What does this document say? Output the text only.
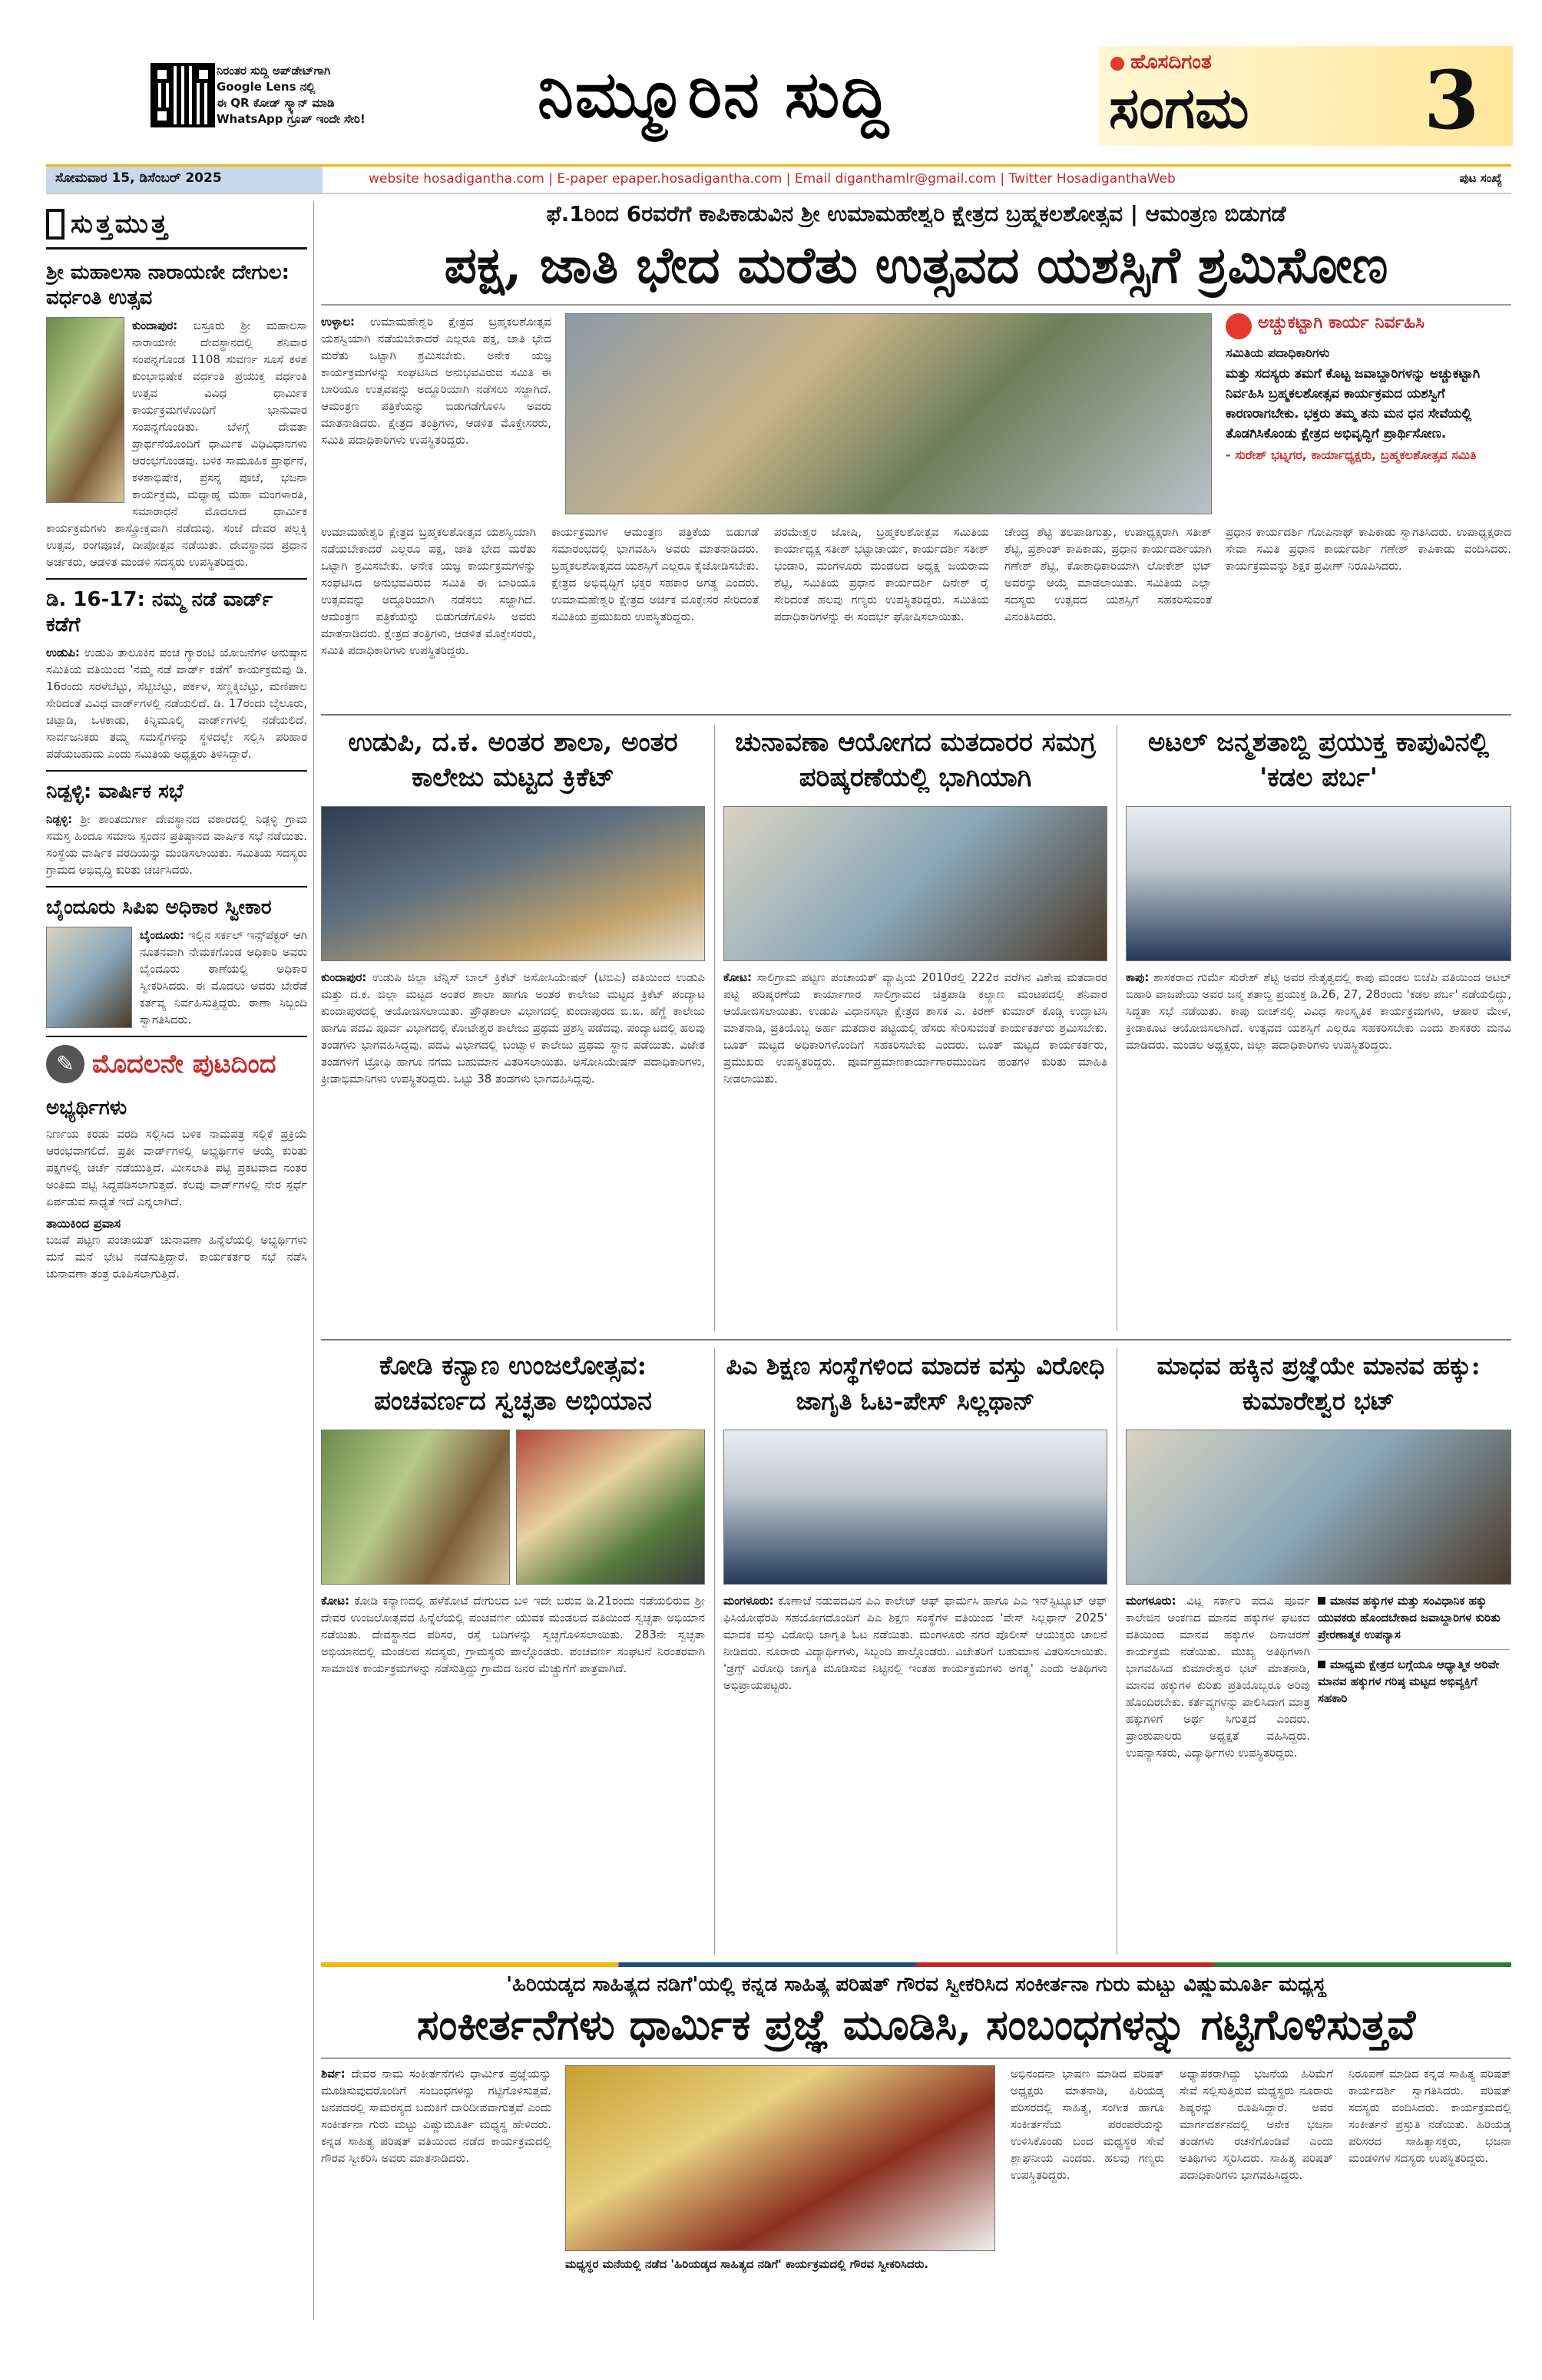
ನಿರಂತರ ಸುದ್ದಿ ಅಪ್‌ಡೇಟ್‌ಗಾಗಿ
Google Lens ನಲ್ಲಿ
ಈ QR ಕೋಡ್ ಸ್ಕ್ಯಾನ್ ಮಾಡಿ
WhatsApp ಗ್ರೂಪ್ ಇಂದೇ ಸೇರಿ!	ನಿಮ್ಮೂರಿನ ಸುದ್ದಿ	ಹೊಸದಿಗಂತ
ಸಂಗಮ 3
ಸೋಮವಾರ 15, ಡಿಸೆಂಬರ್ 2025	website hosadigantha.com | E-paper epaper.hosadigantha.com | Email diganthamlr@gmail.com | Twitter HosadiganthaWeb	ಪುಟ ಸಂಖ್ಯೆ
ಸುತ್ತಮುತ್ತ
ಶ್ರೀ ಮಹಾಲಸಾ ನಾರಾಯಣೀ ದೇಗುಲ: ವರ್ಧಂತಿ ಉತ್ಸವ
ಕುಂದಾಪುರ: ಬಸ್ರೂರು ಶ್ರೀ ಮಹಾಲಸಾ ನಾರಾಯಣೀ ದೇವಸ್ಥಾನದಲ್ಲಿ ಶನಿವಾರ ಸಂಪನ್ನಗೊಂಡ 1108 ಸುವರ್ಣ ಸೂಸೆ ಕಳಶ ಕುಂಭಾಭಿಷೇಕ ವರ್ಧಂತಿ ಪ್ರಯುಕ್ತ ವರ್ಧಂತಿ ಉತ್ಸವ ವಿವಿಧ ಧಾರ್ಮಿಕ ಕಾರ್ಯಕ್ರಮಗಳೊಂದಿಗೆ ಭಾನುವಾರ ಸಂಪನ್ನಗೊಂಡಿತು. ಬೆಳಗ್ಗೆ ದೇವತಾ ಪ್ರಾರ್ಥನೆಯೊಂದಿಗೆ ಧಾರ್ಮಿಕ ವಿಧಿವಿಧಾನಗಳು ಆರಂಭಗೊಂಡವು. ಬಳಿಕ ಸಾಮೂಹಿಕ ಪ್ರಾರ್ಥನೆ, ಕಳಶಾಭಿಷೇಕ, ಪ್ರಸನ್ನ ಪೂಜೆ, ಭಜನಾ ಕಾರ್ಯಕ್ರಮ, ಮಧ್ಯಾಹ್ನ ಮಹಾ ಮಂಗಳಾರತಿ, ಸಮಾರಾಧನೆ ಮೊದಲಾದ ಧಾರ್ಮಿಕ ಕಾರ್ಯಕ್ರಮಗಳು ಶಾಸ್ತ್ರೋಕ್ತವಾಗಿ ನಡೆದುವು. ಸಂಜೆ ದೇವರ ಪಲ್ಲಕ್ಕಿ ಉತ್ಸವ, ರಂಗಪೂಜೆ, ದೀಪೋತ್ಸವ ನಡೆಯಿತು. ದೇವಸ್ಥಾನದ ಪ್ರಧಾನ ಅರ್ಚಕರು, ಆಡಳಿತ ಮಂಡಳಿ ಸದಸ್ಯರು ಉಪಸ್ಥಿತರಿದ್ದರು.
ಡಿ. 16-17: ನಮ್ಮ ನಡೆ ವಾರ್ಡ್ ಕಡೆಗೆ
ಉಡುಪಿ: ಉಡುಪಿ ತಾಲೂಕಿನ ಪಂಚ ಗ್ಯಾರಂಟಿ ಯೋಜನೆಗಳ ಅನುಷ್ಠಾನ ಸಮಿತಿಯ ವತಿಯಿಂದ 'ನಮ್ಮ ನಡೆ ವಾರ್ಡ್ ಕಡೆಗೆ' ಕಾರ್ಯಕ್ರಮವು ಡಿ. 16ರಂದು ಸರಳೆಬೆಟ್ಟು, ಸೆಟ್ಟಿಬೆಟ್ಟು, ಪರ್ಕಳ, ಸಣ್ಣಕ್ಕಿಬೆಟ್ಟು, ಮಣಿಪಾಲ ಸೇರಿದಂತೆ ವಿವಿಧ ವಾರ್ಡ್‌ಗಳಲ್ಲಿ ನಡೆಯಲಿದೆ. ಡಿ. 17ರಂದು ಬೈಲೂರು, ಚಿಟ್ಪಾಡಿ, ಒಳಕಾಡು, ಕಿನ್ನಿಮೂಲ್ಕಿ ವಾರ್ಡ್‌ಗಳಲ್ಲಿ ನಡೆಯಲಿದೆ. ಸಾರ್ವಜನಿಕರು ತಮ್ಮ ಸಮಸ್ಯೆಗಳನ್ನು ಸ್ಥಳದಲ್ಲೇ ಸಲ್ಲಿಸಿ ಪರಿಹಾರ ಪಡೆಯಬಹುದು ಎಂದು ಸಮಿತಿಯ ಅಧ್ಯಕ್ಷರು ತಿಳಿಸಿದ್ದಾರೆ.
ನಿಡ್ಪಳ್ಳಿ: ವಾರ್ಷಿಕ ಸಭೆ
ನಿಡ್ಪಳ್ಳಿ: ಶ್ರೀ ಶಾಂತದುರ್ಗಾ ದೇವಸ್ಥಾನದ ವಠಾರದಲ್ಲಿ ನಿಡ್ಪಳ್ಳಿ ಗ್ರಾಮ ಸಮಸ್ತ ಹಿಂದೂ ಸಮಾಜ ಸ್ಪಂದನ ಪ್ರತಿಷ್ಠಾನದ ವಾರ್ಷಿಕ ಸಭೆ ನಡೆಯಿತು. ಸಂಸ್ಥೆಯ ವಾರ್ಷಿಕ ವರದಿಯನ್ನು ಮಂಡಿಸಲಾಯಿತು. ಸಮಿತಿಯ ಸದಸ್ಯರು ಗ್ರಾಮದ ಅಭಿವೃದ್ಧಿ ಕುರಿತು ಚರ್ಚಿಸಿದರು.
ಬೈಂದೂರು ಸಿಪಿಐ ಅಧಿಕಾರ ಸ್ವೀಕಾರ
ಬೈಂದೂರು: ಇಲ್ಲಿನ ಸರ್ಕಲ್ ಇನ್ಸ್‌ಪೆಕ್ಟರ್ ಆಗಿ ನೂತನವಾಗಿ ನೇಮಕಗೊಂಡ ಅಧಿಕಾರಿ ಅವರು ಬೈಂದೂರು ಠಾಣೆಯಲ್ಲಿ ಅಧಿಕಾರ ಸ್ವೀಕರಿಸಿದರು. ಈ ಮೊದಲು ಅವರು ಬೇರೆಡೆ ಕರ್ತವ್ಯ ನಿರ್ವಹಿಸುತ್ತಿದ್ದರು. ಠಾಣಾ ಸಿಬ್ಬಂದಿ ಸ್ವಾಗತಿಸಿದರು.
✎ ಮೊದಲನೇ ಪುಟದಿಂದ
ಅಭ್ಯರ್ಥಿಗಳು
ನಿರ್ಣಯ ಕರಡು ವರದಿ ಸಲ್ಲಿಸಿದ ಬಳಿಕ ನಾಮಪತ್ರ ಸಲ್ಲಿಕೆ ಪ್ರಕ್ರಿಯೆ ಆರಂಭವಾಗಲಿದೆ. ಪ್ರತೀ ವಾರ್ಡ್‌ಗಳಲ್ಲಿ ಅಭ್ಯರ್ಥಿಗಳ ಆಯ್ಕೆ ಕುರಿತು ಪಕ್ಷಗಳಲ್ಲಿ ಚರ್ಚೆ ನಡೆಯುತ್ತಿದೆ. ಮೀಸಲಾತಿ ಪಟ್ಟಿ ಪ್ರಕಟವಾದ ನಂತರ ಅಂತಿಮ ಪಟ್ಟಿ ಸಿದ್ಧಪಡಿಸಲಾಗುತ್ತದೆ. ಕೆಲವು ವಾರ್ಡ್‌ಗಳಲ್ಲಿ ನೇರ ಸ್ಪರ್ಧೆ ಏರ್ಪಡುವ ಸಾಧ್ಯತೆ ಇದೆ ಎನ್ನಲಾಗಿದೆ.
ತಾಯಿಕಿಂದ ಪ್ರವಾಸ
ಬಜಪೆ ಪಟ್ಟಣ ಪಂಚಾಯತ್ ಚುನಾವಣಾ ಹಿನ್ನೆಲೆಯಲ್ಲಿ ಅಭ್ಯರ್ಥಿಗಳು ಮನೆ ಮನೆ ಭೇಟಿ ನಡೆಸುತ್ತಿದ್ದಾರೆ. ಕಾರ್ಯಕರ್ತರ ಸಭೆ ನಡೆಸಿ ಚುನಾವಣಾ ತಂತ್ರ ರೂಪಿಸಲಾಗುತ್ತಿದೆ.
ಫೆ.1ರಿಂದ 6ರವರೆಗೆ ಕಾಪಿಕಾಡುವಿನ ಶ್ರೀ ಉಮಾಮಹೇಶ್ವರಿ ಕ್ಷೇತ್ರದ ಬ್ರಹ್ಮಕಲಶೋತ್ಸವ | ಆಮಂತ್ರಣ ಬಿಡುಗಡೆ
ಪಕ್ಷ, ಜಾತಿ ಭೇದ ಮರೆತು ಉತ್ಸವದ ಯಶಸ್ಸಿಗೆ ಶ್ರಮಿಸೋಣ
ಉಳ್ಳಾಲ: ಉಮಾಮಹೇಶ್ವರಿ ಕ್ಷೇತ್ರದ ಬ್ರಹ್ಮಕಲಶೋತ್ಸವ ಯಶಸ್ವಿಯಾಗಿ ನಡೆಯಬೇಕಾದರೆ ಎಲ್ಲರೂ ಪಕ್ಷ, ಜಾತಿ ಭೇದ ಮರೆತು ಒಟ್ಟಾಗಿ ಶ್ರಮಿಸಬೇಕು. ಅನೇಕ ಯಜ್ಞ ಕಾರ್ಯಕ್ರಮಗಳನ್ನು ಸಂಘಟಿಸಿದ ಅನುಭವವಿರುವ ಸಮಿತಿ ಈ ಬಾರಿಯೂ ಉತ್ಸವವನ್ನು ಅದ್ದೂರಿಯಾಗಿ ನಡೆಸಲು ಸಜ್ಜಾಗಿದೆ. ಆಮಂತ್ರಣ ಪತ್ರಿಕೆಯನ್ನು ಬಿಡುಗಡೆಗೊಳಿಸಿ ಅವರು ಮಾತನಾಡಿದರು. ಕ್ಷೇತ್ರದ ತಂತ್ರಿಗಳು, ಆಡಳಿತ ಮೊಕ್ತೇಸರರು, ಸಮಿತಿ ಪದಾಧಿಕಾರಿಗಳು ಉಪಸ್ಥಿತರಿದ್ದರು.
ಉಮಾಮಹೇಶ್ವರಿ ಕ್ಷೇತ್ರದ ಬ್ರಹ್ಮಕಲಶೋತ್ಸವ ಯಶಸ್ವಿಯಾಗಿ ನಡೆಯಬೇಕಾದರೆ ಎಲ್ಲರೂ ಪಕ್ಷ, ಜಾತಿ ಭೇದ ಮರೆತು ಒಟ್ಟಾಗಿ ಶ್ರಮಿಸಬೇಕು. ಅನೇಕ ಯಜ್ಞ ಕಾರ್ಯಕ್ರಮಗಳನ್ನು ಸಂಘಟಿಸಿದ ಅನುಭವವಿರುವ ಸಮಿತಿ ಈ ಬಾರಿಯೂ ಉತ್ಸವವನ್ನು ಅದ್ದೂರಿಯಾಗಿ ನಡೆಸಲು ಸಜ್ಜಾಗಿದೆ. ಆಮಂತ್ರಣ ಪತ್ರಿಕೆಯನ್ನು ಬಿಡುಗಡೆಗೊಳಿಸಿ ಅವರು ಮಾತನಾಡಿದರು. ಕ್ಷೇತ್ರದ ತಂತ್ರಿಗಳು, ಆಡಳಿತ ಮೊಕ್ತೇಸರರು, ಸಮಿತಿ ಪದಾಧಿಕಾರಿಗಳು ಉಪಸ್ಥಿತರಿದ್ದರು.
ಕಾರ್ಯಕ್ರಮಗಳ ಆಮಂತ್ರಣ ಪತ್ರಿಕೆಯ ಬಿಡುಗಡೆ ಸಮಾರಂಭದಲ್ಲಿ ಭಾಗವಹಿಸಿ ಅವರು ಮಾತನಾಡಿದರು. ಬ್ರಹ್ಮಕಲಶೋತ್ಸವದ ಯಶಸ್ಸಿಗೆ ಎಲ್ಲರೂ ಕೈಜೋಡಿಸಬೇಕು. ಕ್ಷೇತ್ರದ ಅಭಿವೃದ್ಧಿಗೆ ಭಕ್ತರ ಸಹಕಾರ ಅಗತ್ಯ ಎಂದರು. ಉಮಾಮಹೇಶ್ವರಿ ಕ್ಷೇತ್ರದ ಅರ್ಚಕ ಮೊಕ್ತೇಸರ ಸೇರಿದಂತೆ ಸಮಿತಿಯ ಪ್ರಮುಖರು ಉಪಸ್ಥಿತರಿದ್ದರು.
ಪರಮೇಶ್ವರ ಜೋಷಿ, ಬ್ರಹ್ಮಕಲಶೋತ್ಸವ ಸಮಿತಿಯ ಕಾರ್ಯಾಧ್ಯಕ್ಷ ಸತೀಶ್ ಭಟ್ಟಾಚಾರ್ಯ, ಕಾರ್ಯದರ್ಶಿ ಸತೀಶ್ ಭಂಡಾರಿ, ಮಂಗಳೂರು ಮಂಡಲದ ಅಧ್ಯಕ್ಷ ಜಯರಾಮ ಶೆಟ್ಟಿ, ಸಮಿತಿಯ ಪ್ರಧಾನ ಕಾರ್ಯದರ್ಶಿ ದಿನೇಶ್ ರೈ ಸೇರಿದಂತೆ ಹಲವು ಗಣ್ಯರು ಉಪಸ್ಥಿತರಿದ್ದರು. ಸಮಿತಿಯ ಪದಾಧಿಕಾರಿಗಳನ್ನು ಈ ಸಂದರ್ಭ ಘೋಷಿಸಲಾಯಿತು.
ಚೇಂದ್ರ ಶೆಟ್ಟಿ ತಲಪಾಡಿಗುತ್ತು, ಉಪಾಧ್ಯಕ್ಷರಾಗಿ ಸತೀಶ್ ಶೆಟ್ಟಿ, ಪ್ರಶಾಂತ್ ಕಾಪಿಕಾಡು, ಪ್ರಧಾನ ಕಾರ್ಯದರ್ಶಿಯಾಗಿ ಗಣೇಶ್ ಶೆಟ್ಟಿ, ಕೋಶಾಧಿಕಾರಿಯಾಗಿ ಲೋಕೇಶ್ ಭಟ್ ಅವರನ್ನು ಆಯ್ಕೆ ಮಾಡಲಾಯಿತು. ಸಮಿತಿಯ ಎಲ್ಲಾ ಸದಸ್ಯರು ಉತ್ಸವದ ಯಶಸ್ಸಿಗೆ ಸಹಕರಿಸುವಂತೆ ವಿನಂತಿಸಿದರು.
ಅಚ್ಚುಕಟ್ಟಾಗಿ ಕಾರ್ಯ ನಿರ್ವಹಿಸಿ
ಸಮಿತಿಯ ಪದಾಧಿಕಾರಿಗಳು
ಮತ್ತು ಸದಸ್ಯರು ತಮಗೆ ಕೊಟ್ಟ ಜವಾಬ್ದಾರಿಗಳನ್ನು ಅಚ್ಚುಕಟ್ಟಾಗಿ ನಿರ್ವಹಿಸಿ ಬ್ರಹ್ಮಕಲಶೋತ್ಸವ ಕಾರ್ಯಕ್ರಮದ ಯಶಸ್ವಿಗೆ ಕಾರಣರಾಗಬೇಕು. ಭಕ್ತರು ತಮ್ಮ ತನು ಮನ ಧನ ಸೇವೆಯಲ್ಲಿ ತೊಡಗಿಸಿಕೊಂಡು ಕ್ಷೇತ್ರದ ಅಭಿವೃದ್ಧಿಗೆ ಪ್ರಾರ್ಥಿಸೋಣ.
- ಸುರೇಶ್ ಭಟ್ನಗರ, ಕಾರ್ಯಾಧ್ಯಕ್ಷರು, ಬ್ರಹ್ಮಕಲಶೋತ್ಸವ ಸಮಿತಿ
ಪ್ರಧಾನ ಕಾರ್ಯದರ್ಶಿ ಗೋಪಿನಾಥ್ ಕಾಪಿಕಾಡು ಸ್ವಾಗತಿಸಿದರು. ಉಪಾಧ್ಯಕ್ಷರಾದ ಸೇವಾ ಸಮಿತಿ ಪ್ರಧಾನ ಕಾರ್ಯದರ್ಶಿ ಗಣೇಶ್ ಕಾಪಿಕಾಡು ವಂದಿಸಿದರು. ಕಾರ್ಯಕ್ರಮವನ್ನು ಶಿಕ್ಷಕ ಪ್ರವೀಣ್ ನಿರೂಪಿಸಿದರು.
ಉಡುಪಿ, ದ.ಕ. ಅಂತರ ಶಾಲಾ, ಅಂತರ ಕಾಲೇಜು ಮಟ್ಟದ ಕ್ರಿಕೆಟ್
ಕುಂದಾಪುರ: ಉಡುಪಿ ಜಿಲ್ಲಾ ಟೆನ್ನಿಸ್ ಬಾಲ್ ಕ್ರಿಕೆಟ್ ಅಸೋಸಿಯೇಷನ್ (ಟಿಬಿಎ) ವತಿಯಿಂದ ಉಡುಪಿ ಮತ್ತು ದ.ಕ. ಜಿಲ್ಲಾ ಮಟ್ಟದ ಅಂತರ ಶಾಲಾ ಹಾಗೂ ಅಂತರ ಕಾಲೇಜು ಮಟ್ಟದ ಕ್ರಿಕೆಟ್ ಪಂದ್ಯಾಟ ಕುಂದಾಪುರದಲ್ಲಿ ಆಯೋಜಿಸಲಾಯಿತು. ಪ್ರೌಢಶಾಲಾ ವಿಭಾಗದಲ್ಲಿ ಕುಂದಾಪುರದ ಬಿ.ಬಿ. ಹೆಗ್ಡೆ ಕಾಲೇಜು ಹಾಗೂ ಪದವಿ ಪೂರ್ವ ವಿಭಾಗದಲ್ಲಿ ಕೋಟೇಶ್ವರ ಕಾಲೇಜು ಪ್ರಥಮ ಪ್ರಶಸ್ತಿ ಪಡೆದವು. ಪಂದ್ಯಾಟದಲ್ಲಿ ಹಲವು ತಂಡಗಳು ಭಾಗವಹಿಸಿದ್ದವು. ಪದವಿ ವಿಭಾಗದಲ್ಲಿ ಬಂಟ್ವಾಳ ಕಾಲೇಜು ಪ್ರಥಮ ಸ್ಥಾನ ಪಡೆಯಿತು. ವಿಜೇತ ತಂಡಗಳಿಗೆ ಟ್ರೋಫಿ ಹಾಗೂ ನಗದು ಬಹುಮಾನ ವಿತರಿಸಲಾಯಿತು. ಅಸೋಸಿಯೇಷನ್ ಪದಾಧಿಕಾರಿಗಳು, ಕ್ರೀಡಾಭಿಮಾನಿಗಳು ಉಪಸ್ಥಿತರಿದ್ದರು. ಒಟ್ಟು 38 ತಂಡಗಳು ಭಾಗವಹಿಸಿದ್ದವು.
ಚುನಾವಣಾ ಆಯೋಗದ ಮತದಾರರ ಸಮಗ್ರ ಪರಿಷ್ಕರಣೆಯಲ್ಲಿ ಭಾಗಿಯಾಗಿ
ಕೋಟ: ಸಾಲಿಗ್ರಾಮ ಪಟ್ಟಣ ಪಂಚಾಯತ್ ವ್ಯಾಪ್ತಿಯ 2010ರಲ್ಲಿ 222ರ ವರೆಗಿನ ವಿಶೇಷ ಮತದಾರರ ಪಟ್ಟಿ ಪರಿಷ್ಕರಣೆಯ ಕಾರ್ಯಾಗಾರ ಸಾಲಿಗ್ರಾಮದ ಚಿತ್ರಪಾಡಿ ಕಲ್ಯಾಣ ಮಂಟಪದಲ್ಲಿ ಶನಿವಾರ ಆಯೋಜಿಸಲಾಯಿತು. ಉಡುಪಿ ವಿಧಾನಸಭಾ ಕ್ಷೇತ್ರದ ಶಾಸಕ ಎ. ಕಿರಣ್ ಕುಮಾರ್ ಕೊಡ್ಗಿ ಉದ್ಘಾಟಿಸಿ ಮಾತನಾಡಿ, ಪ್ರತಿಯೊಬ್ಬ ಅರ್ಹ ಮತದಾರ ಪಟ್ಟಿಯಲ್ಲಿ ಹೆಸರು ಸೇರಿಸುವಂತೆ ಕಾರ್ಯಕರ್ತರು ಶ್ರಮಿಸಬೇಕು. ಬೂತ್ ಮಟ್ಟದ ಅಧಿಕಾರಿಗಳೊಂದಿಗೆ ಸಹಕರಿಸಬೇಕು ಎಂದರು. ಬೂತ್ ಮಟ್ಟದ ಕಾರ್ಯಕರ್ತರು, ಪ್ರಮುಖರು ಉಪಸ್ಥಿತರಿದ್ದರು. ಪೂರ್ವಪ್ರಮಾಣಕಾರ್ಯಾಗಾರಮುಂದಿನ ಹಂತಗಳ ಕುರಿತು ಮಾಹಿತಿ ನೀಡಲಾಯಿತು.
ಅಟಲ್ ಜನ್ಮಶತಾಬ್ದಿ ಪ್ರಯುಕ್ತ ಕಾಪುವಿನಲ್ಲಿ 'ಕಡಲ ಪರ್ಬ'
ಕಾಪು: ಶಾಸಕರಾದ ಗುರ್ಮೆ ಸುರೇಶ್ ಶೆಟ್ಟಿ ಅವರ ನೇತೃತ್ವದಲ್ಲಿ ಕಾಪು ಮಂಡಲ ಬಿಜೆಪಿ ವತಿಯಿಂದ ಅಟಲ್ ಬಿಹಾರಿ ವಾಜಪೇಯಿ ಅವರ ಜನ್ಮ ಶತಾಬ್ದಿ ಪ್ರಯುಕ್ತ ಡಿ.26, 27, 28ರಂದು 'ಕಡಲ ಪರ್ಬ' ನಡೆಯಲಿದ್ದು, ಸಿದ್ಧತಾ ಸಭೆ ನಡೆಯಿತು. ಕಾಪು ಬೀಚ್‌ನಲ್ಲಿ ವಿವಿಧ ಸಾಂಸ್ಕೃತಿಕ ಕಾರ್ಯಕ್ರಮಗಳು, ಆಹಾರ ಮೇಳ, ಕ್ರೀಡಾಕೂಟ ಆಯೋಜಿಸಲಾಗಿದೆ. ಉತ್ಸವದ ಯಶಸ್ಸಿಗೆ ಎಲ್ಲರೂ ಸಹಕರಿಸಬೇಕು ಎಂದು ಶಾಸಕರು ಮನವಿ ಮಾಡಿದರು. ಮಂಡಲ ಅಧ್ಯಕ್ಷರು, ಜಿಲ್ಲಾ ಪದಾಧಿಕಾರಿಗಳು ಉಪಸ್ಥಿತರಿದ್ದರು.
ಕೋಡಿ ಕನ್ಯಾಣ ಉಂಜಲೋತ್ಸವ: ಪಂಚವರ್ಣದ ಸ್ವಚ್ಛತಾ ಅಭಿಯಾನ
ಕೋಟ: ಕೋಡಿ ಕನ್ಯಾಣದಲ್ಲಿ ಹಳೆಕೋಟೆ ದೇಗುಲದ ಬಳಿ ಇದೇ ಬರುವ ಡಿ.21ರಂದು ನಡೆಯಲಿರುವ ಶ್ರೀ ದೇವರ ಉಂಜಲೋತ್ಸವದ ಹಿನ್ನೆಲೆಯಲ್ಲಿ ಪಂಚವರ್ಣ ಯುವಕ ಮಂಡಲದ ವತಿಯಿಂದ ಸ್ವಚ್ಛತಾ ಅಭಿಯಾನ ನಡೆಯಿತು. ದೇವಸ್ಥಾನದ ಪರಿಸರ, ರಸ್ತೆ ಬದಿಗಳನ್ನು ಸ್ವಚ್ಛಗೊಳಿಸಲಾಯಿತು. 283ನೇ ಸ್ವಚ್ಛತಾ ಅಭಿಯಾನದಲ್ಲಿ ಮಂಡಲದ ಸದಸ್ಯರು, ಗ್ರಾಮಸ್ಥರು ಪಾಲ್ಗೊಂಡರು. ಪಂಚವರ್ಣ ಸಂಘಟನೆ ನಿರಂತರವಾಗಿ ಸಾಮಾಜಿಕ ಕಾರ್ಯಕ್ರಮಗಳನ್ನು ನಡೆಸುತ್ತಿದ್ದು ಗ್ರಾಮದ ಜನರ ಮೆಚ್ಚುಗೆಗೆ ಪಾತ್ರವಾಗಿದೆ.
ಪಿಎ ಶಿಕ್ಷಣ ಸಂಸ್ಥೆಗಳಿಂದ ಮಾದಕ ವಸ್ತು ವಿರೋಧಿ ಜಾಗೃತಿ ಓಟ-ಪೇಸ್ ಸಿಲ್ಲಥಾನ್
ಮಂಗಳೂರು: ಕೊಣಾಜೆ ನಡುಪದವಿನ ಪಿಎ ಕಾಲೇಜ್ ಆಫ್ ಫಾರ್ಮಸಿ ಹಾಗೂ ಪಿಎ ಇನ್‌ಸ್ಟಿಟ್ಯೂಟ್ ಆಫ್ ಫಿಸಿಯೋಥೆರಪಿ ಸಹಯೋಗದೊಂದಿಗೆ ಪಿಎ ಶಿಕ್ಷಣ ಸಂಸ್ಥೆಗಳ ವತಿಯಿಂದ 'ಪೇಸ್ ಸಿಲ್ಲಥಾನ್ 2025' ಮಾದಕ ವಸ್ತು ವಿರೋಧಿ ಜಾಗೃತಿ ಓಟ ನಡೆಯಿತು. ಮಂಗಳೂರು ನಗರ ಪೊಲೀಸ್ ಆಯುಕ್ತರು ಚಾಲನೆ ನೀಡಿದರು. ನೂರಾರು ವಿದ್ಯಾರ್ಥಿಗಳು, ಸಿಬ್ಬಂದಿ ಪಾಲ್ಗೊಂಡರು. ವಿಜೇತರಿಗೆ ಬಹುಮಾನ ವಿತರಿಸಲಾಯಿತು. 'ಡ್ರಗ್ಸ್ ವಿರೋಧಿ ಜಾಗೃತಿ ಮೂಡಿಸುವ ನಿಟ್ಟಿನಲ್ಲಿ ಇಂತಹ ಕಾರ್ಯಕ್ರಮಗಳು ಅಗತ್ಯ' ಎಂದು ಅತಿಥಿಗಳು ಅಭಿಪ್ರಾಯಪಟ್ಟರು.
ಮಾಧವ ಹಕ್ಕಿನ ಪ್ರಜ್ಞೆಯೇ ಮಾನವ ಹಕ್ಕು: ಕುಮಾರೇಶ್ವರ ಭಟ್
ಮಂಗಳೂರು: ವಿಟ್ಲ ಸರ್ಕಾರಿ ಪದವಿ ಪೂರ್ವ ಕಾಲೇಜಿನ ಅಂಕಣದ ಮಾನವ ಹಕ್ಕುಗಳ ಘಟಕದ ವತಿಯಿಂದ ಮಾನವ ಹಕ್ಕುಗಳ ದಿನಾಚರಣೆ ಕಾರ್ಯಕ್ರಮ ನಡೆಯಿತು. ಮುಖ್ಯ ಅತಿಥಿಗಳಾಗಿ ಭಾಗವಹಿಸಿದ ಕುಮಾರೇಶ್ವರ ಭಟ್ ಮಾತನಾಡಿ, ಮಾನವ ಹಕ್ಕುಗಳ ಕುರಿತು ಪ್ರತಿಯೊಬ್ಬರೂ ಅರಿವು ಹೊಂದಿರಬೇಕು. ಕರ್ತವ್ಯಗಳನ್ನು ಪಾಲಿಸಿದಾಗ ಮಾತ್ರ ಹಕ್ಕುಗಳಿಗೆ ಅರ್ಥ ಸಿಗುತ್ತದೆ ಎಂದರು. ಪ್ರಾಂಶುಪಾಲರು ಅಧ್ಯಕ್ಷತೆ ವಹಿಸಿದ್ದರು. ಉಪನ್ಯಾಸಕರು, ವಿದ್ಯಾರ್ಥಿಗಳು ಉಪಸ್ಥಿತರಿದ್ದರು.
ಮಾನವ ಹಕ್ಕುಗಳ ಮತ್ತು ಸಂವಿಧಾನಿಕ ಹಕ್ಕು ಯುವಕರು ಹೊಂದಬೇಕಾದ ಜವಾಬ್ದಾರಿಗಳ ಕುರಿತು ಪ್ರೇರಣಾತ್ಮಕ ಉಪನ್ಯಾಸ
ಮಾಧ್ಯಮ ಕ್ಷೇತ್ರದ ಬಗ್ಗೆಯೂ ಆಧ್ಯಾತ್ಮಿಕ ಅರಿವೇ ಮಾನವ ಹಕ್ಕುಗಳ ಗರಿಷ್ಠ ಮಟ್ಟದ ಅಭಿವ್ಯಕ್ತಿಗೆ ಸಹಕಾರಿ
'ಹಿರಿಯಡ್ಕದ ಸಾಹಿತ್ಯದ ನಡಿಗೆ'ಯಲ್ಲಿ ಕನ್ನಡ ಸಾಹಿತ್ಯ ಪರಿಷತ್ ಗೌರವ ಸ್ವೀಕರಿಸಿದ ಸಂಕೀರ್ತನಾ ಗುರು ಮಟ್ಟು ವಿಷ್ಣುಮೂರ್ತಿ ಮಧ್ಯಸ್ಥ
ಸಂಕೀರ್ತನೆಗಳು ಧಾರ್ಮಿಕ ಪ್ರಜ್ಞೆ ಮೂಡಿಸಿ, ಸಂಬಂಧಗಳನ್ನು ಗಟ್ಟಿಗೊಳಿಸುತ್ತವೆ
ಶಿರ್ವ: ದೇವರ ನಾಮ ಸಂಕೀರ್ತನೆಗಳು ಧಾರ್ಮಿಕ ಪ್ರಜ್ಞೆಯನ್ನು ಮೂಡಿಸುವುದರೊಂದಿಗೆ ಸಂಬಂಧಗಳನ್ನು ಗಟ್ಟಿಗೊಳಿಸುತ್ತವೆ. ಜನಪದರಲ್ಲಿ ಸಾಮರಸ್ಯದ ಬದುಕಿಗೆ ದಾರಿದೀಪವಾಗುತ್ತವೆ ಎಂದು ಸಂಕೀರ್ತನಾ ಗುರು ಮಟ್ಟು ವಿಷ್ಣುಮೂರ್ತಿ ಮಧ್ಯಸ್ಥ ಹೇಳಿದರು. ಕನ್ನಡ ಸಾಹಿತ್ಯ ಪರಿಷತ್ ವತಿಯಿಂದ ನಡೆದ ಕಾರ್ಯಕ್ರಮದಲ್ಲಿ ಗೌರವ ಸ್ವೀಕರಿಸಿ ಅವರು ಮಾತನಾಡಿದರು.
ಮಧ್ಯಸ್ಥರ ಮನೆಯಲ್ಲಿ ನಡೆದ 'ಹಿರಿಯಡ್ಕದ ಸಾಹಿತ್ಯದ ನಡಿಗೆ' ಕಾರ್ಯಕ್ರಮದಲ್ಲಿ ಗೌರವ ಸ್ವೀಕರಿಸಿದರು.
ಅಭಿನಂದನಾ ಭಾಷಣ ಮಾಡಿದ ಪರಿಷತ್ ಅಧ್ಯಕ್ಷರು ಮಾತನಾಡಿ, ಹಿರಿಯಡ್ಕ ಪರಿಸರದಲ್ಲಿ ಸಾಹಿತ್ಯ, ಸಂಗೀತ ಹಾಗೂ ಸಂಕೀರ್ತನೆಯ ಪರಂಪರೆಯನ್ನು ಉಳಿಸಿಕೊಂಡು ಬಂದ ಮಧ್ಯಸ್ಥರ ಸೇವೆ ಶ್ಲಾಘನೀಯ ಎಂದರು. ಹಲವು ಗಣ್ಯರು ಉಪಸ್ಥಿತರಿದ್ದರು.
ಅಧ್ಯಾಪಕರಾಗಿದ್ದು ಭಜನೆಯ ಹಿರಿಮೆಗೆ ಸೇವೆ ಸಲ್ಲಿಸುತ್ತಿರುವ ಮಧ್ಯಸ್ಥರು ನೂರಾರು ಶಿಷ್ಯರನ್ನು ರೂಪಿಸಿದ್ದಾರೆ. ಅವರ ಮಾರ್ಗದರ್ಶನದಲ್ಲಿ ಅನೇಕ ಭಜನಾ ತಂಡಗಳು ರಚನೆಗೊಂಡಿವೆ ಎಂದು ಅತಿಥಿಗಳು ಸ್ಮರಿಸಿದರು. ಸಾಹಿತ್ಯ ಪರಿಷತ್ ಪದಾಧಿಕಾರಿಗಳು ಭಾಗವಹಿಸಿದ್ದರು.
ನಿರೂಪಣೆ ಮಾಡಿದ ಕನ್ನಡ ಸಾಹಿತ್ಯ ಪರಿಷತ್ ಕಾರ್ಯದರ್ಶಿ ಸ್ವಾಗತಿಸಿದರು. ಪರಿಷತ್ ಸದಸ್ಯರು ವಂದಿಸಿದರು. ಕಾರ್ಯಕ್ರಮದಲ್ಲಿ ಸಂಕೀರ್ತನೆ ಪ್ರಸ್ತುತಿ ನಡೆಯಿತು. ಹಿರಿಯಡ್ಕ ಪರಿಸರದ ಸಾಹಿತ್ಯಾಸಕ್ತರು, ಭಜನಾ ಮಂಡಳಿಗಳ ಸದಸ್ಯರು ಉಪಸ್ಥಿತರಿದ್ದರು.
